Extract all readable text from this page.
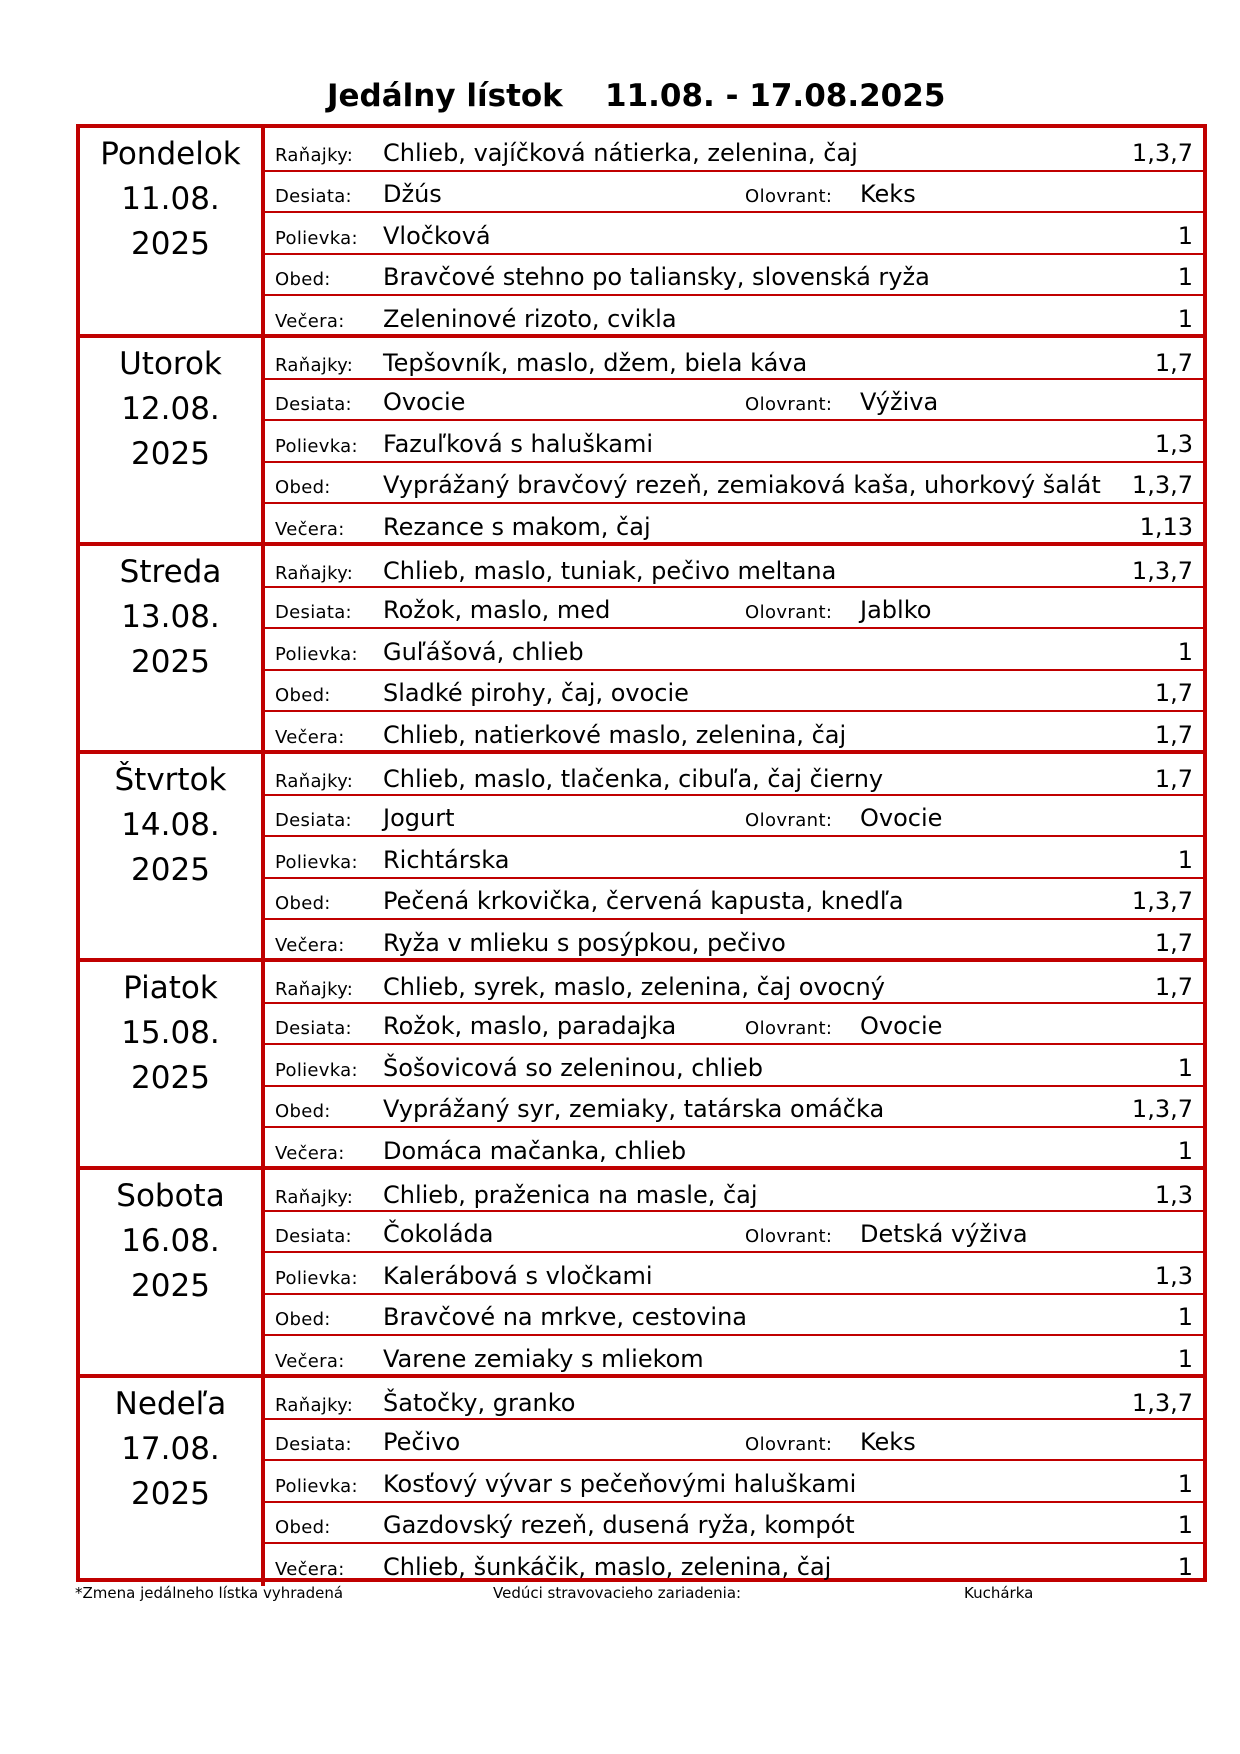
Jedálny lístok 11.08. - 17.08.2025
Pondelok
11.08.
2025
Raňajky: Chlieb, vajíčková nátierka, zelenina, čaj	1,3,7
Desiata: Džús	Olovrant: Keks
Polievka: Vločková	1
Obed: Bravčové stehno po taliansky, slovenská ryža	1
Večera: Zeleninové rizoto, cvikla	1
Utorok
12.08.
2025
Raňajky: Tepšovník, maslo, džem, biela káva	1,7
Desiata: Ovocie	Olovrant: Výživa
Polievka: Fazuľková s haluškami	1,3
Obed: Vyprážaný bravčový rezeň, zemiaková kaša, uhorkový šalát 1,3,7
Večera: Rezance s makom, čaj	1,13
Streda
13.08.
2025
Raňajky: Chlieb, maslo, tuniak, pečivo meltana	1,3,7
Desiata: Rožok, maslo, med	Olovrant: Jablko
Polievka: Guľášová, chlieb	1
Obed: Sladké pirohy, čaj, ovocie	1,7
Večera: Chlieb, natierkové maslo, zelenina, čaj	1,7
Štvrtok
14.08.
2025
Raňajky: Chlieb, maslo, tlačenka, cibuľa, čaj čierny	1,7
Desiata: Jogurt	Olovrant: Ovocie
Polievka: Richtárska	1
Obed: Pečená krkovička, červená kapusta, knedľa	1,3,7
Večera: Ryža v mlieku s posýpkou, pečivo	1,7
Piatok
15.08.
2025
Raňajky: Chlieb, syrek, maslo, zelenina, čaj ovocný	1,7
Desiata: Rožok, maslo, paradajka	Olovrant: Ovocie
Polievka: Šošovicová so zeleninou, chlieb	1
Obed: Vyprážaný syr, zemiaky, tatárska omáčka	1,3,7
Večera: Domáca mačanka, chlieb	1
Sobota
16.08.
2025
Raňajky: Chlieb, praženica na masle, čaj	1,3
Desiata: Čokoláda	Olovrant: Detská výživa
Polievka: Kalerábová s vločkami	1,3
Obed: Bravčové na mrkve, cestovina	1
Večera: Varene zemiaky s mliekom	1
Nedeľa
17.08.
2025
Raňajky: Šatočky, granko	1,3,7
Desiata: Pečivo	Olovrant: Keks
Polievka: Kosťový vývar s pečeňovými haluškami	1
Obed: Gazdovský rezeň, dusená ryža, kompót	1
Večera: Chlieb, šunkáčik, maslo, zelenina, čaj	1
*Zmena jedálneho lístka vyhradená	Vedúci stravovacieho zariadenia:	Kuchárka
